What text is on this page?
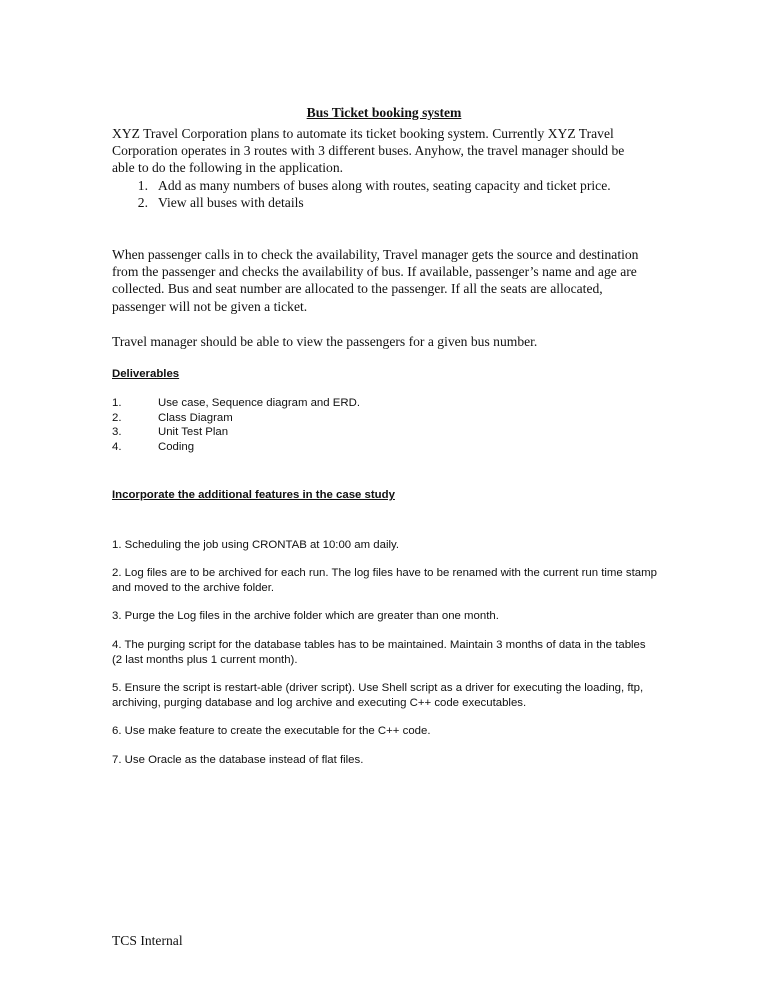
Bus Ticket booking system

XYZ Travel Corporation plans to automate its ticket booking system. Currently XYZ Travel Corporation operates in 3 routes with 3 different buses. Anyhow, the travel manager should be able to do the following in the application.

1. Add as many numbers of buses along with routes, seating capacity and ticket price.
2. View all buses with details

When passenger calls in to check the availability, Travel manager gets the source and destination from the passenger and checks the availability of bus. If available, passenger’s name and age are collected. Bus and seat number are allocated to the passenger. If all the seats are allocated, passenger will not be given a ticket.

Travel manager should be able to view the passengers for a given bus number.

Deliverables

1.	Use case, Sequence diagram and ERD.
2.	Class Diagram
3.	Unit Test Plan
4.	Coding

Incorporate the additional features in the case study

1. Scheduling the job using CRONTAB at 10:00 am daily.

2. Log files are to be archived for each run. The log files have to be renamed with the current run time stamp and moved to the archive folder.

3. Purge the Log files in the archive folder which are greater than one month.

4. The purging script for the database tables has to be maintained. Maintain 3 months of data in the tables (2 last months plus 1 current month).

5. Ensure the script is restart-able (driver script). Use Shell script as a driver for executing the loading, ftp, archiving, purging database and log archive and executing C++ code executables.

6. Use make feature to create the executable for the C++ code.

7. Use Oracle as the database instead of flat files.

TCS Internal
